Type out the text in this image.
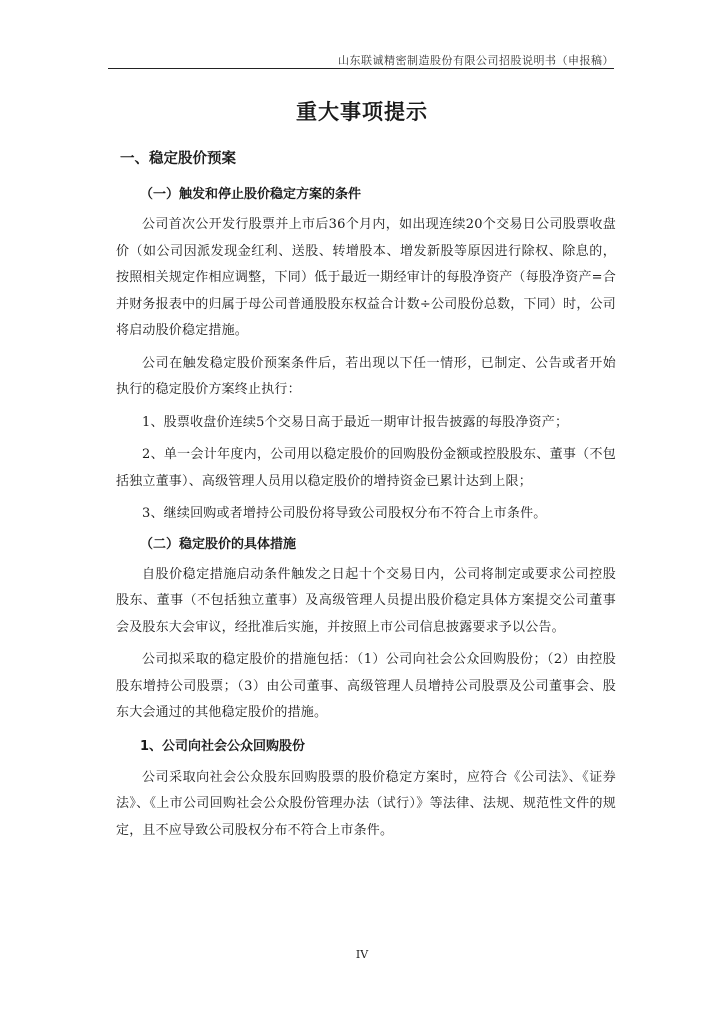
山东联诚精密制造股份有限公司招股说明书（申报稿）
重大事项提示
一、稳定股价预案
（一）触发和停止股价稳定方案的条件

公司首次公开发行股票并上市后36个月内，如出现连续20个交易日公司股票收盘价（如公司因派发现金红利、送股、转增股本、增发新股等原因进行除权、除息的，按照相关规定作相应调整，下同）低于最近一期经审计的每股净资产（每股净资产=合并财务报表中的归属于母公司普通股股东权益合计数÷公司股份总数，下同）时，公司将启动股价稳定措施。

公司在触发稳定股价预案条件后，若出现以下任一情形，已制定、公告或者开始执行的稳定股价方案终止执行：

1、股票收盘价连续5个交易日高于最近一期审计报告披露的每股净资产；

2、单一会计年度内，公司用以稳定股价的回购股份金额或控股股东、董事（不包括独立董事）、高级管理人员用以稳定股价的增持资金已累计达到上限；

3、继续回购或者增持公司股份将导致公司股权分布不符合上市条件。

（二）稳定股价的具体措施

自股价稳定措施启动条件触发之日起十个交易日内，公司将制定或要求公司控股股东、董事（不包括独立董事）及高级管理人员提出股价稳定具体方案提交公司董事会及股东大会审议，经批准后实施，并按照上市公司信息披露要求予以公告。

公司拟采取的稳定股价的措施包括：（1）公司向社会公众回购股份；（2）由控股股东增持公司股票；（3）由公司董事、高级管理人员增持公司股票及公司董事会、股东大会通过的其他稳定股价的措施。

1、公司向社会公众回购股份

公司采取向社会公众股东回购股票的股价稳定方案时，应符合《公司法》、《证券法》、《上市公司回购社会公众股份管理办法（试行）》等法律、法规、规范性文件的规定，且不应导致公司股权分布不符合上市条件。

IV
